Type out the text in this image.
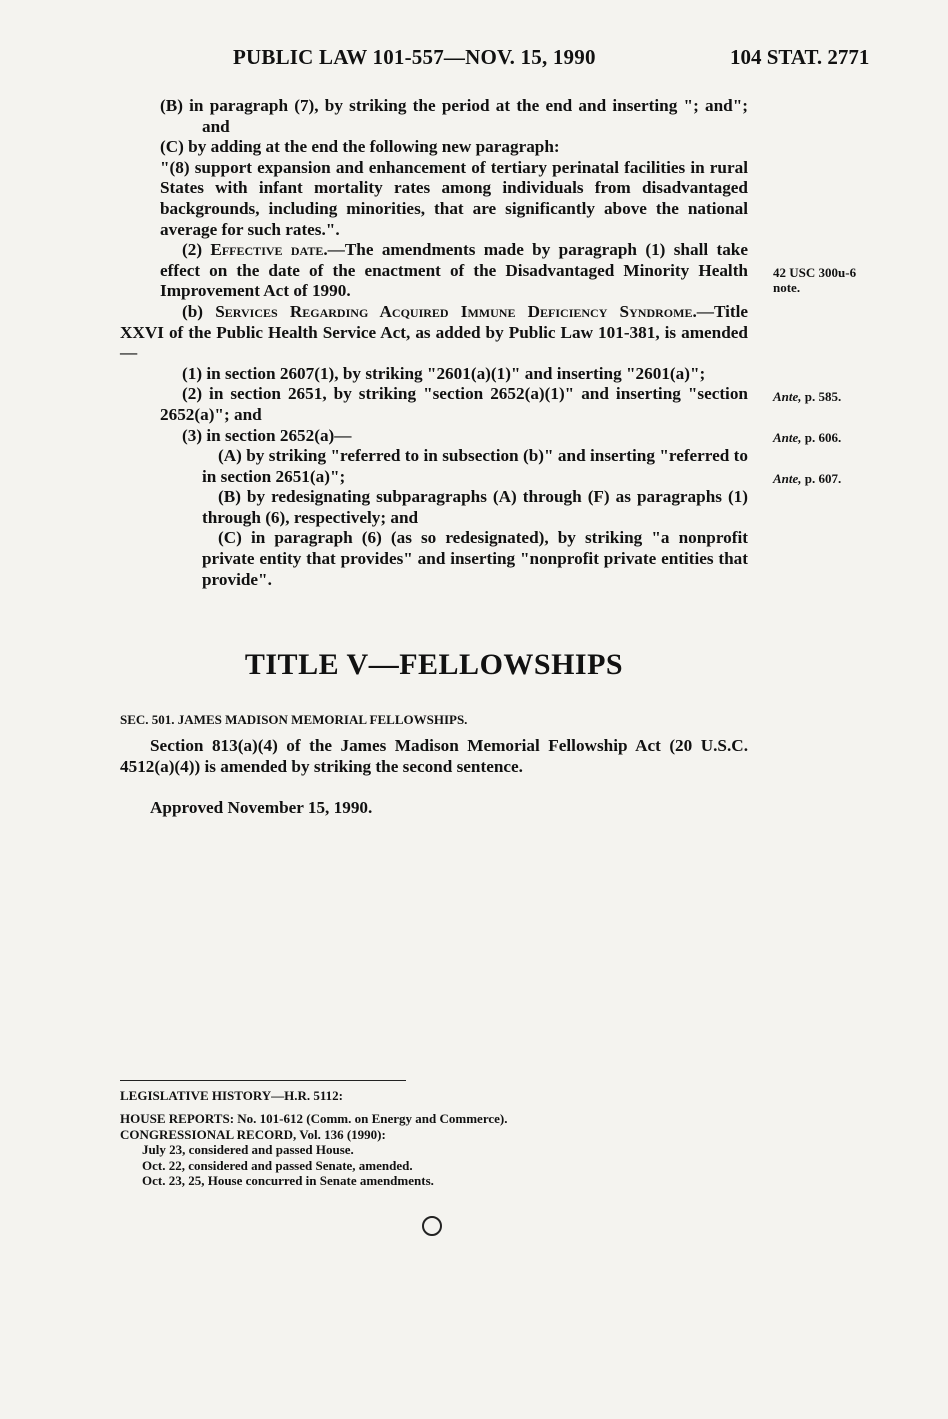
PUBLIC LAW 101-557—NOV. 15, 1990	104 STAT. 2771

(B) in paragraph (7), by striking the period at the end and inserting "; and"; and

(C) by adding at the end the following new paragraph:

"(8) support expansion and enhancement of tertiary perinatal facilities in rural States with infant mortality rates among individuals from disadvantaged backgrounds, including minorities, that are significantly above the national average for such rates.".

(2) Effective date.—The amendments made by paragraph (1) shall take effect on the date of the enactment of the Disadvantaged Minority Health Improvement Act of 1990.

(b) Services Regarding Acquired Immune Deficiency Syndrome.—Title XXVI of the Public Health Service Act, as added by Public Law 101-381, is amended—

(1) in section 2607(1), by striking "2601(a)(1)" and inserting "2601(a)";

(2) in section 2651, by striking "section 2652(a)(1)" and inserting "section 2652(a)"; and

(3) in section 2652(a)—

(A) by striking "referred to in subsection (b)" and inserting "referred to in section 2651(a)";

(B) by redesignating subparagraphs (A) through (F) as paragraphs (1) through (6), respectively; and

(C) in paragraph (6) (as so redesignated), by striking "a nonprofit private entity that provides" and inserting "nonprofit private entities that provide".

42 USC 300u-6
note.
Ante, p. 585.
Ante, p. 606.
Ante, p. 607.
TITLE V—FELLOWSHIPS
SEC. 501. JAMES MADISON MEMORIAL FELLOWSHIPS.

Section 813(a)(4) of the James Madison Memorial Fellowship Act (20 U.S.C. 4512(a)(4)) is amended by striking the second sentence.

Approved November 15, 1990.
LEGISLATIVE HISTORY—H.R. 5112:
HOUSE REPORTS: No. 101-612 (Comm. on Energy and Commerce).
CONGRESSIONAL RECORD, Vol. 136 (1990):
July 23, considered and passed House.
Oct. 22, considered and passed Senate, amended.
Oct. 23, 25, House concurred in Senate amendments.
